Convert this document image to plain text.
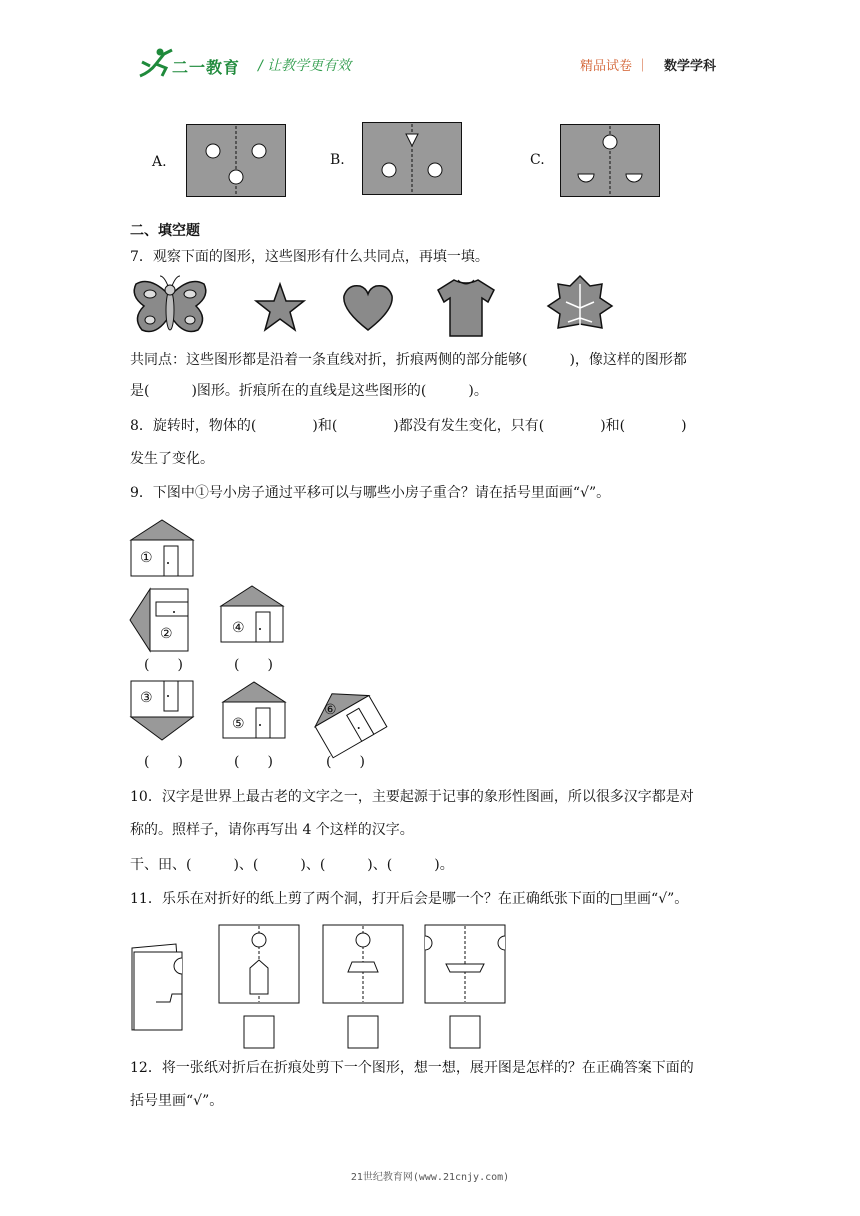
二一教育 / 让教学更有效	精品试卷 ｜ 数学学科
A.	B.	C.
二、填空题
7．观察下面的图形，这些图形有什么共同点，再填一填。
共同点：这些图形都是沿着一条直线对折，折痕两侧的部分能够(　　　)，像这样的图形都
是(　　　)图形。折痕所在的直线是这些图形的(　　　)。
8．旋转时，物体的(　　　　)和(　　　　)都没有发生变化，只有(　　　　)和(　　　　)
发生了变化。
9．下图中①号小房子通过平移可以与哪些小房子重合？请在括号里面画“√”。
①
②	④
(　　)	(　　)
③
⑤
⑥
(　　)	(　　)	(　　)
10．汉字是世界上最古老的文字之一，主要起源于记事的象形性图画，所以很多汉字都是对
称的。照样子，请你再写出 4 个这样的汉字。
干、田、(　　　)、(　　　)、(　　　)、(　　　)。
11．乐乐在对折好的纸上剪了两个洞，打开后会是哪一个？在正确纸张下面的□里画“√”。
12．将一张纸对折后在折痕处剪下一个图形，想一想，展开图是怎样的？在正确答案下面的
括号里画“√”。
21世纪教育网(www.21cnjy.com)
